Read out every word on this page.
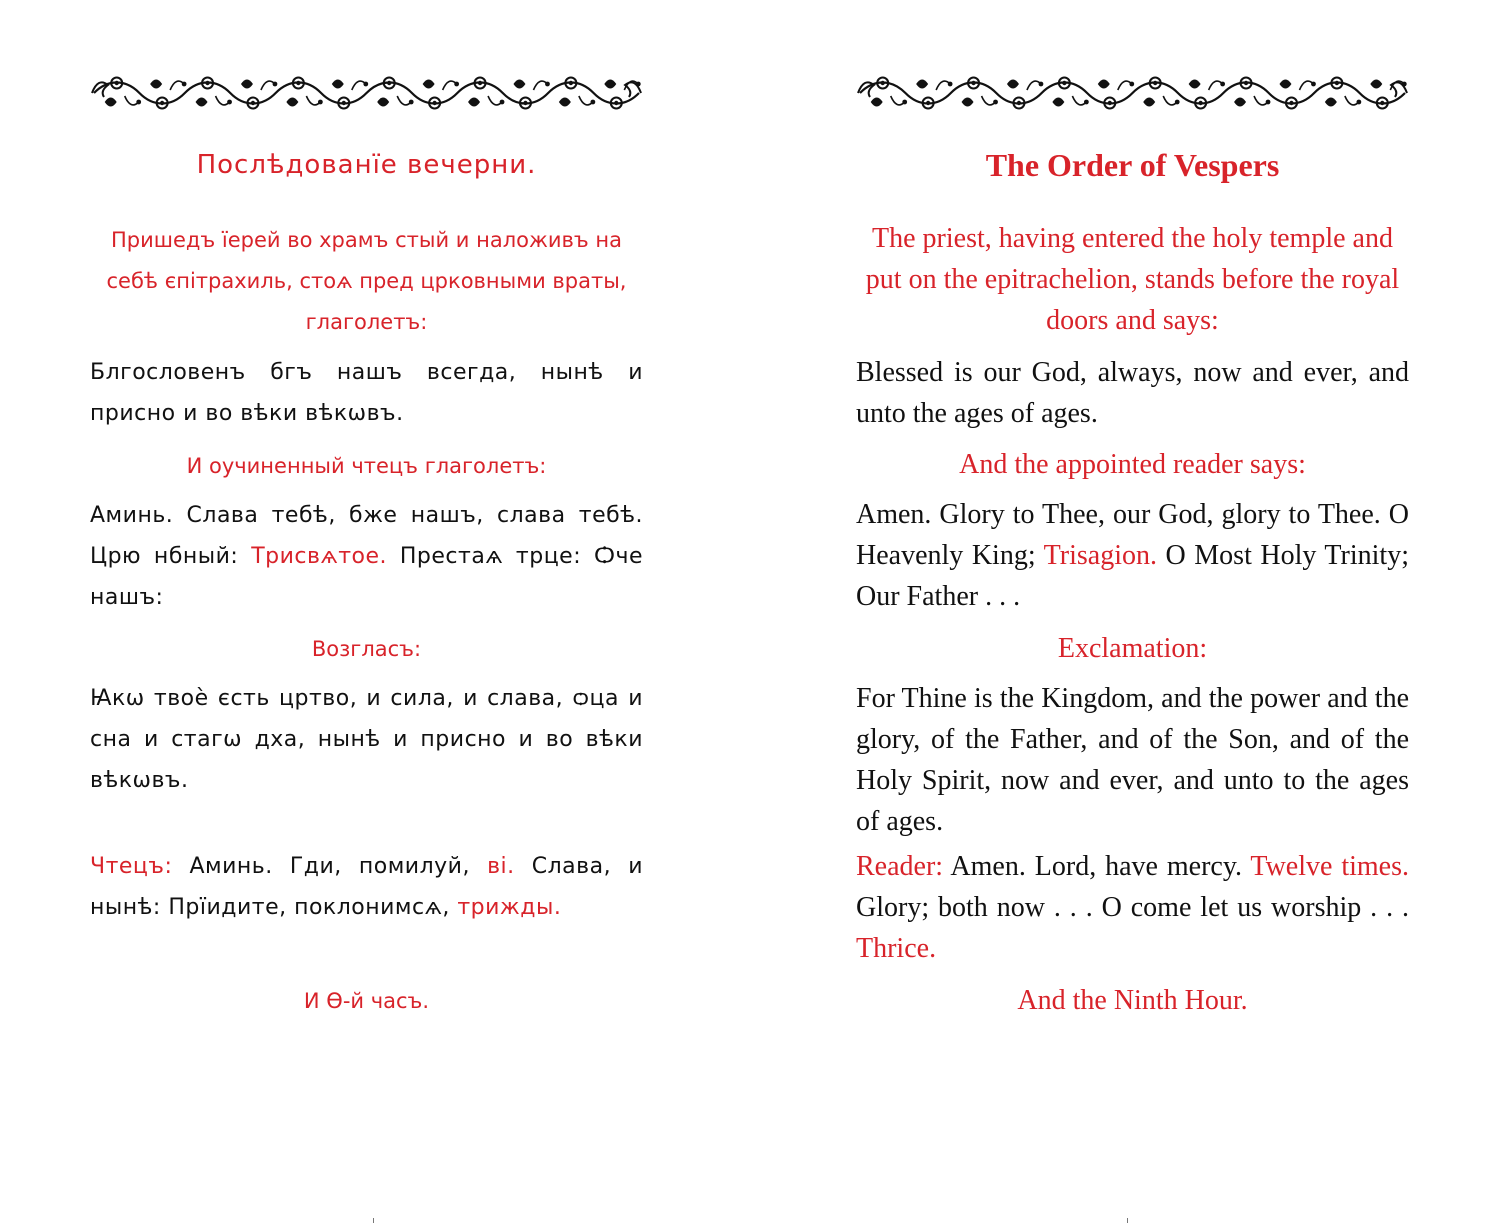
Послѣдованїе вечерни.

Пришедъ їерей во храмъ стый и наложивъ на себѣ єпітрахиль, стоѧ пред црковными враты, глаголетъ:

Блгословенъ бгъ нашъ всегда, нынѣ и присно и во вѣки вѣкѡвъ.

И оучиненный чтецъ глаголетъ:

Аминь. Слава тебѣ, бже нашъ, слава тебѣ. Црю нбный: Трисвѧтое. Престаѧ трце: Ѻче нашъ:

Возгласъ:

Ꙗкѡ твоѐ єсть цртво, и сила, и слава, ѻца и сна и стагѡ дха, нынѣ и присно и во вѣки вѣкѡвъ.

Чтецъ: Аминь. Гди, помилуй, ві. Слава, и нынѣ: Прїидите, поклонимсѧ, трижды.

И Ѳ-й часъ.

The Order of Vespers

The priest, having entered the holy temple and put on the epitrachelion, stands before the royal doors and says:

Blessed is our God, always, now and ever, and unto the ages of ages.

And the appointed reader says:

Amen. Glory to Thee, our God, glory to Thee. O Heavenly King; Trisagion. O Most Holy Trinity; Our Father . . .

Exclamation:

For Thine is the Kingdom, and the power and the glory, of the Father, and of the Son, and of the Holy Spirit, now and ever, and unto to the ages of ages.

Reader: Amen. Lord, have mercy. Twelve times. Glory; both now . . . O come let us worship . . . Thrice.

And the Ninth Hour.
